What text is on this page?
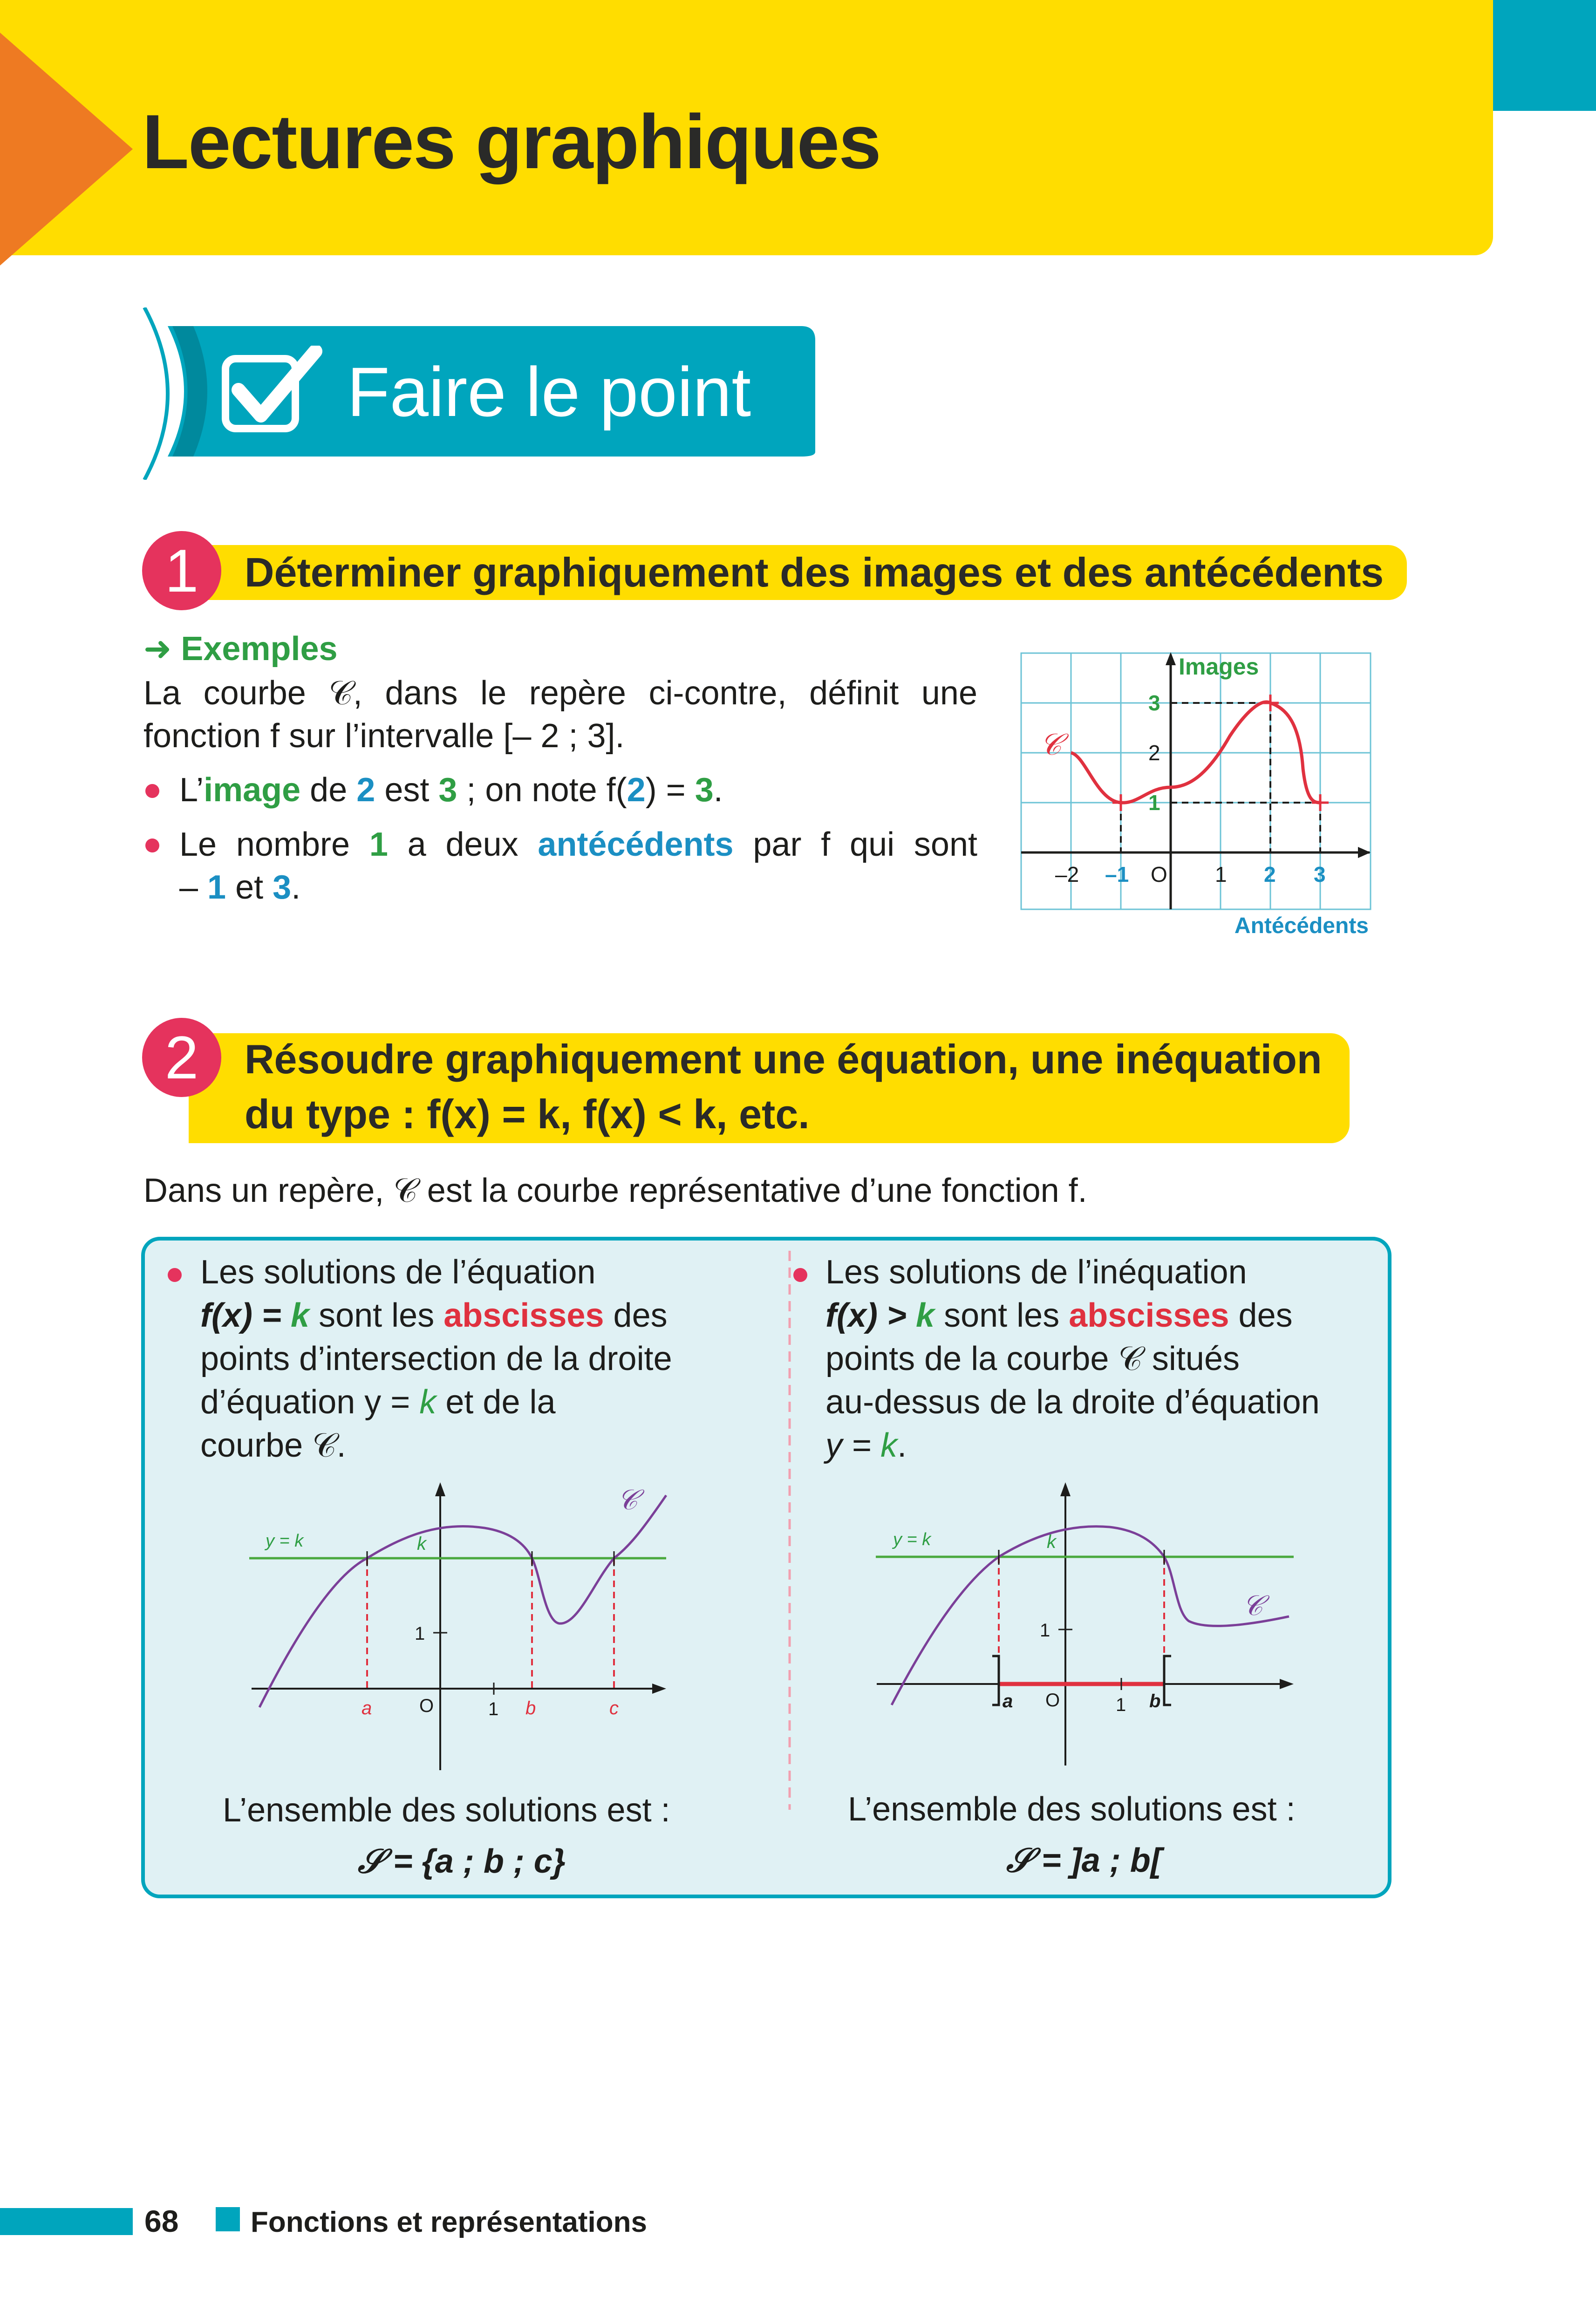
Lectures graphiques
Faire le point
1	Déterminer graphiquement des images et des antécédents
➜ Exemples
La courbe 𝒞, dans le repère ci-contre, définit une
fonction f sur l’intervalle [– 2 ; 3].
L’image de 2 est 3 ; on note f(2) = 3.
Le nombre 1 a deux antécédents par f qui sont
– 1 et 3.
𝒞
Images
3
2
1
–2 –1 O 1 2 3
Antécédents
2	Résoudre graphiquement une équation, une inéquation
du type : f(x) = k, f(x) < k, etc.
Dans un repère, 𝒞 est la courbe représentative d’une fonction f.
Les solutions de l’équation
f(x) = k sont les abscisses des
points d’intersection de la droite
d’équation y = k et de la
courbe 𝒞.
y = k	k
1
O	1
a	b	c
𝒞
L’ensemble des solutions est :
𝒮 = {a ; b ; c}
Les solutions de l’inéquation
f(x) > k sont les abscisses des
points de la courbe 𝒞 situés
au-dessus de la droite d’équation
y = k.
y = k	k
1
O	1
a	b
𝒞
L’ensemble des solutions est :
𝒮 = ]a ; b[
68 Fonctions et représentations
